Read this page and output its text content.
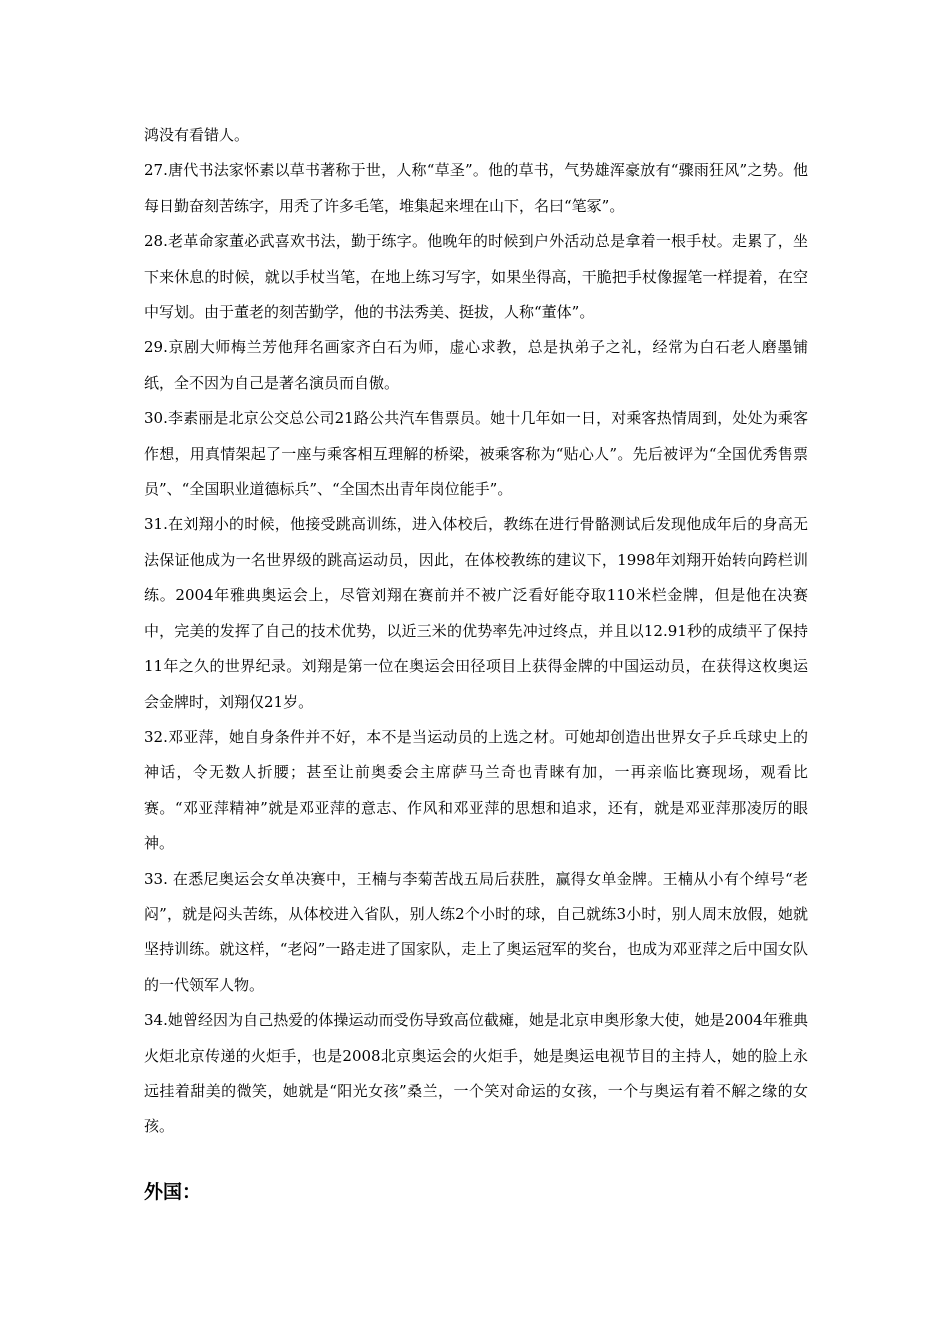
鸿没有看错人。

27.唐代书法家怀素以草书著称于世，人称“草圣”。他的草书，气势雄浑豪放有“骤雨狂风”之势。他每日勤奋刻苦练字，用秃了许多毛笔，堆集起来埋在山下，名曰“笔冢”。

28.老革命家董必武喜欢书法，勤于练字。他晚年的时候到户外活动总是拿着一根手杖。走累了，坐下来休息的时候，就以手杖当笔，在地上练习写字，如果坐得高，干脆把手杖像握笔一样提着，在空中写划。由于董老的刻苦勤学，他的书法秀美、挺拔，人称“董体”。

29.京剧大师梅兰芳他拜名画家齐白石为师，虚心求教，总是执弟子之礼，经常为白石老人磨墨铺纸，全不因为自己是著名演员而自傲。

30.李素丽是北京公交总公司21路公共汽车售票员。她十几年如一日，对乘客热情周到，处处为乘客作想，用真情架起了一座与乘客相互理解的桥梁，被乘客称为“贴心人”。先后被评为“全国优秀售票员”、“全国职业道德标兵”、“全国杰出青年岗位能手”。

31.在刘翔小的时候，他接受跳高训练，进入体校后，教练在进行骨骼测试后发现他成年后的身高无法保证他成为一名世界级的跳高运动员，因此，在体校教练的建议下，1998年刘翔开始转向跨栏训练。2004年雅典奥运会上，尽管刘翔在赛前并不被广泛看好能夺取110米栏金牌，但是他在决赛中，完美的发挥了自己的技术优势，以近三米的优势率先冲过终点，并且以12.91秒的成绩平了保持11年之久的世界纪录。刘翔是第一位在奥运会田径项目上获得金牌的中国运动员，在获得这枚奥运会金牌时，刘翔仅21岁。

32.邓亚萍，她自身条件并不好，本不是当运动员的上选之材。可她却创造出世界女子乒乓球史上的神话，令无数人折腰；甚至让前奥委会主席萨马兰奇也青睐有加，一再亲临比赛现场，观看比赛。“邓亚萍精神”就是邓亚萍的意志、作风和邓亚萍的思想和追求，还有，就是邓亚萍那凌厉的眼神。

33. 在悉尼奥运会女单决赛中，王楠与李菊苦战五局后获胜，赢得女单金牌。王楠从小有个绰号“老闷”，就是闷头苦练，从体校进入省队，别人练2个小时的球，自己就练3小时，别人周末放假，她就坚持训练。就这样，“老闷”一路走进了国家队，走上了奥运冠军的奖台，也成为邓亚萍之后中国女队的一代领军人物。

34.她曾经因为自己热爱的体操运动而受伤导致高位截瘫，她是北京申奥形象大使，她是2004年雅典火炬北京传递的火炬手，也是2008北京奥运会的火炬手，她是奥运电视节目的主持人，她的脸上永远挂着甜美的微笑，她就是“阳光女孩”桑兰，一个笑对命运的女孩，一个与奥运有着不解之缘的女孩。

外国：
